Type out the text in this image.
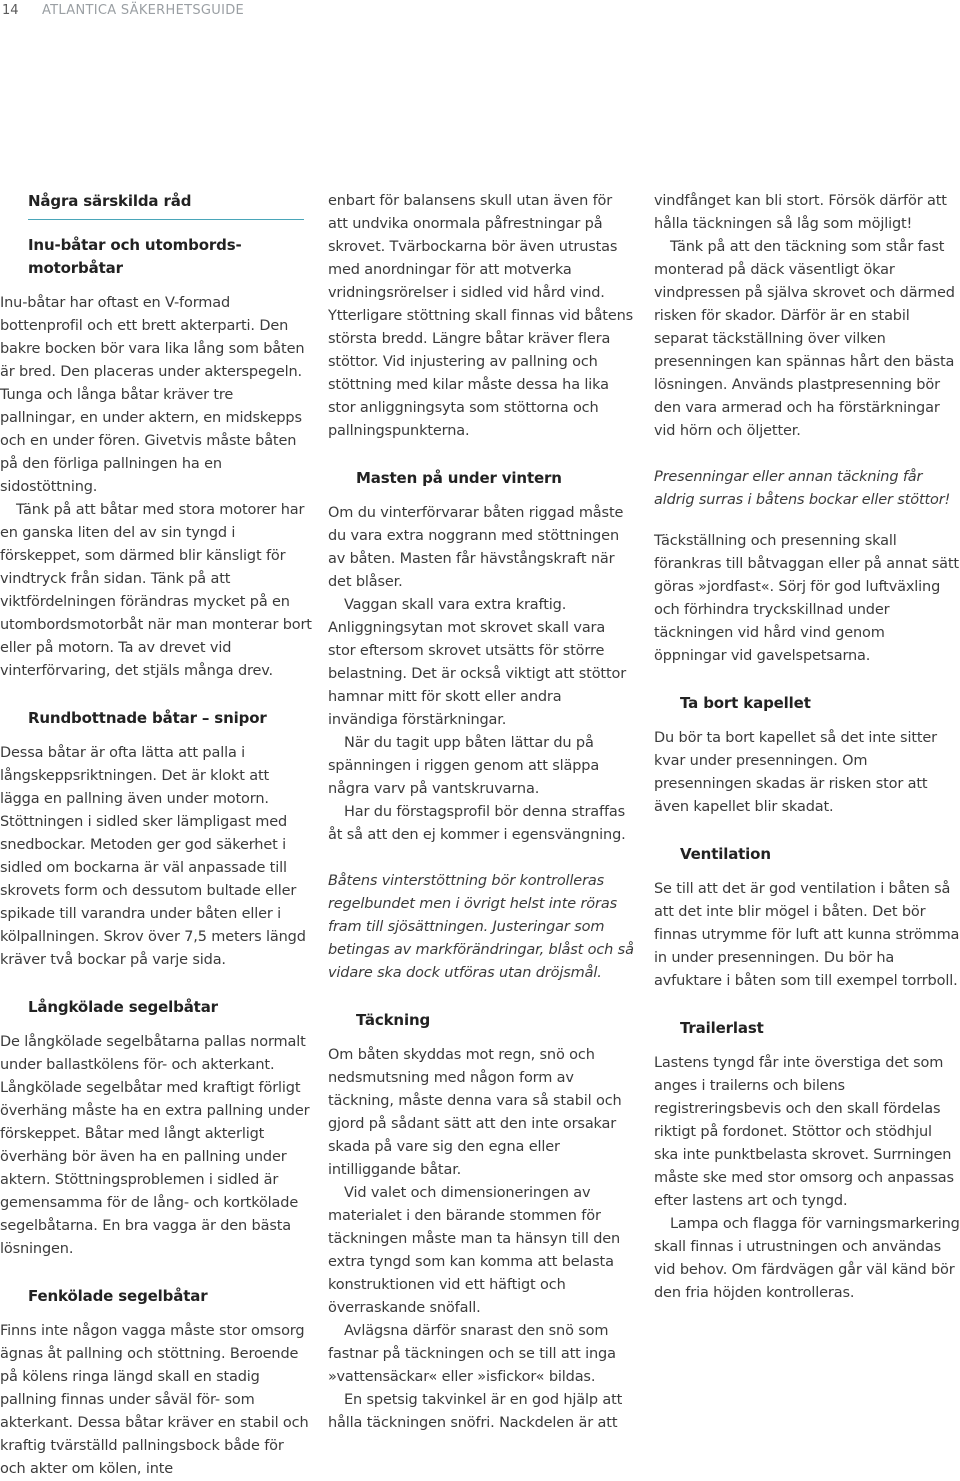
14 ATLANTICA SÄKERHETSGUIDE
Några särskilda råd
Inu-båtar och utombords-motorbåtar

Inu-båtar har oftast en V-formad bottenprofil och ett brett akterparti. Den bakre bocken bör vara lika lång som båten är bred. Den placeras under akterspegeln. Tunga och långa båtar kräver tre pallningar, en under aktern, en midskepps och en under fören. Givetvis måste båten på den förliga pallningen ha en sidostöttning.

Tänk på att båtar med stora motorer har en ganska liten del av sin tyngd i förskeppet, som därmed blir känsligt för vindtryck från sidan. Tänk på att viktfördelningen förändras mycket på en utombordsmotorbåt när man monterar bort eller på motorn. Ta av drevet vid vinterförvaring, det stjäls många drev.

Rundbottnade båtar – snipor

Dessa båtar är ofta lätta att palla i långskeppsriktningen. Det är klokt att lägga en pallning även under motorn. Stöttningen i sidled sker lämpligast med snedbockar. Metoden ger god säkerhet i sidled om bockarna är väl anpassade till skrovets form och dessutom bultade eller spikade till varandra under båten eller i kölpallningen. Skrov över 7,5 meters längd kräver två bockar på varje sida.

Långkölade segelbåtar

De långkölade segelbåtarna pallas normalt under ballastkölens för- och akterkant. Långkölade segelbåtar med kraftigt förligt överhäng måste ha en extra pallning under förskeppet. Båtar med långt akterligt överhäng bör även ha en pallning under aktern. Stöttningsproblemen i sidled är gemensamma för de lång- och kortkölade segelbåtarna. En bra vagga är den bästa lösningen.

Fenkölade segelbåtar

Finns inte någon vagga måste stor omsorg ägnas åt pallning och stöttning. Beroende på kölens ringa längd skall en stadig pallning finnas under såväl för- som akterkant. Dessa båtar kräver en stabil och kraftig tvärställd pallningsbock både för och akter om kölen, inte

enbart för balansens skull utan även för att undvika onormala påfrestningar på skrovet. Tvärbockarna bör även utrustas med anordningar för att motverka vridningsrörelser i sidled vid hård vind. Ytterligare stöttning skall finnas vid båtens största bredd. Längre båtar kräver flera stöttor. Vid injustering av pallning och stöttning med kilar måste dessa ha lika stor anliggningsyta som stöttorna och pallningspunkterna.

Masten på under vintern

Om du vinterförvarar båten riggad måste du vara extra noggrann med stöttningen av båten. Masten får hävstångskraft när det blåser.

Vaggan skall vara extra kraftig. Anliggningsytan mot skrovet skall vara stor eftersom skrovet utsätts för större belastning. Det är också viktigt att stöttor hamnar mitt för skott eller andra invändiga förstärkningar.

När du tagit upp båten lättar du på spänningen i riggen genom att släppa några varv på vantskruvarna.

Har du förstagsprofil bör denna straffas åt så att den ej kommer i egensvängning.

Båtens vinterstöttning bör kontrolleras regelbundet men i övrigt helst inte röras fram till sjösättningen. Justeringar som betingas av markförändringar, blåst och så vidare ska dock utföras utan dröjsmål.

Täckning

Om båten skyddas mot regn, snö och nedsmutsning med någon form av täckning, måste denna vara så stabil och gjord på sådant sätt att den inte orsakar skada på vare sig den egna eller intilliggande båtar.

Vid valet och dimensioneringen av materialet i den bärande stommen för täckningen måste man ta hänsyn till den extra tyngd som kan komma att belasta konstruktionen vid ett häftigt och överraskande snöfall.

Avlägsna därför snarast den snö som fastnar på täckningen och se till att inga »vattensäckar« eller »isfickor« bildas.

En spetsig takvinkel är en god hjälp att hålla täckningen snöfri. Nackdelen är att

vindfånget kan bli stort. Försök därför att hålla täckningen så låg som möjligt!

Tänk på att den täckning som står fast monterad på däck väsentligt ökar vindpressen på själva skrovet och därmed risken för skador. Därför är en stabil separat täckställning över vilken presenningen kan spännas hårt den bästa lösningen. Används plastpresenning bör den vara armerad och ha förstärkningar vid hörn och öljetter.

Presenningar eller annan täckning får aldrig surras i båtens bockar eller stöttor!

Täckställning och presenning skall förankras till båtvaggan eller på annat sätt göras »jordfast«. Sörj för god luftväxling och förhindra tryckskillnad under täckningen vid hård vind genom öppningar vid gavelspetsarna.

Ta bort kapellet

Du bör ta bort kapellet så det inte sitter kvar under presenningen. Om presenningen skadas är risken stor att även kapellet blir skadat.

Ventilation

Se till att det är god ventilation i båten så att det inte blir mögel i båten. Det bör finnas utrymme för luft att kunna strömma in under presenningen. Du bör ha avfuktare i båten som till exempel torrboll.

Trailerlast

Lastens tyngd får inte överstiga det som anges i trailerns och bilens registreringsbevis och den skall fördelas riktigt på fordonet. Stöttor och stödhjul ska inte punktbelasta skrovet. Surrningen måste ske med stor omsorg och anpassas efter lastens art och tyngd.

Lampa och flagga för varningsmarkering skall finnas i utrustningen och användas vid behov. Om färdvägen går väl känd bör den fria höjden kontrolleras.
